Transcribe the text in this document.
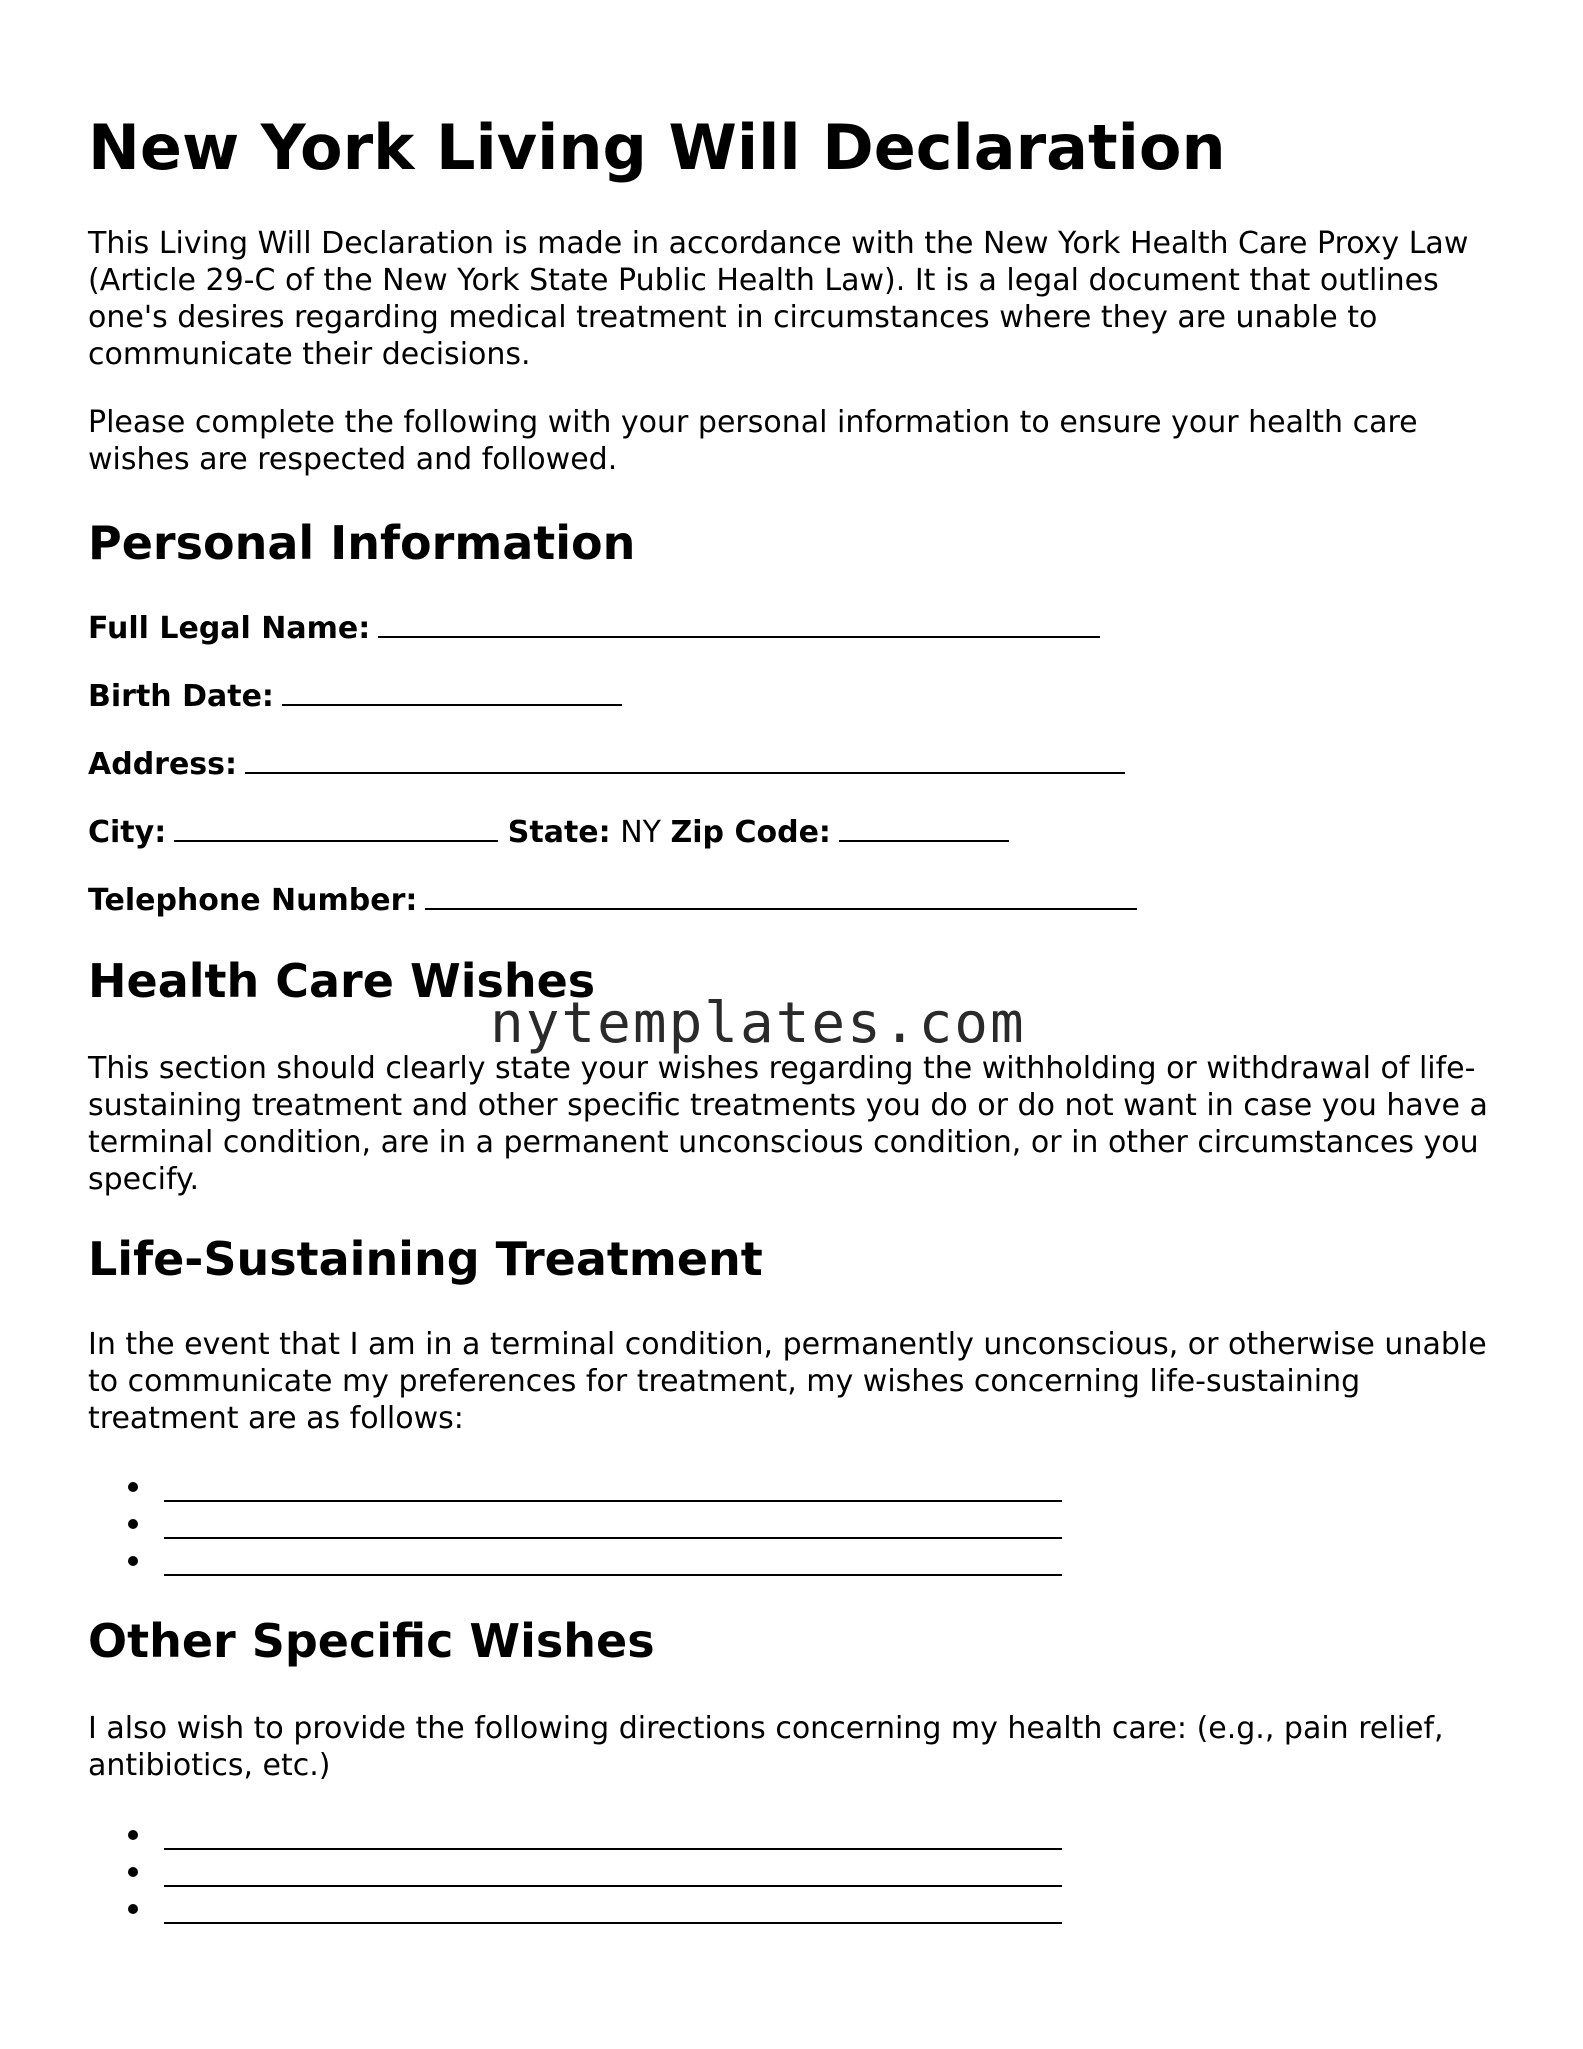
New York Living Will Declaration

This Living Will Declaration is made in accordance with the New York Health Care Proxy Law (Article 29-C of the New York State Public Health Law). It is a legal document that outlines one's desires regarding medical treatment in circumstances where they are unable to communicate their decisions.

Please complete the following with your personal information to ensure your health care wishes are respected and followed.

Personal Information
Full Legal Name:
Birth Date:
Address:
City:	State: NY Zip Code:
Telephone Number:
Health Care Wishes

This section should clearly state your wishes regarding the withholding or withdrawal of life-sustaining treatment and other specific treatments you do or do not want in case you have a terminal condition, are in a permanent unconscious condition, or in other circumstances you specify.

Life-Sustaining Treatment

In the event that I am in a terminal condition, permanently unconscious, or otherwise unable to communicate my preferences for treatment, my wishes concerning life-sustaining treatment are as follows:

Other Specific Wishes

I also wish to provide the following directions concerning my health care: (e.g., pain relief, antibiotics, etc.)

nytemplates.com
